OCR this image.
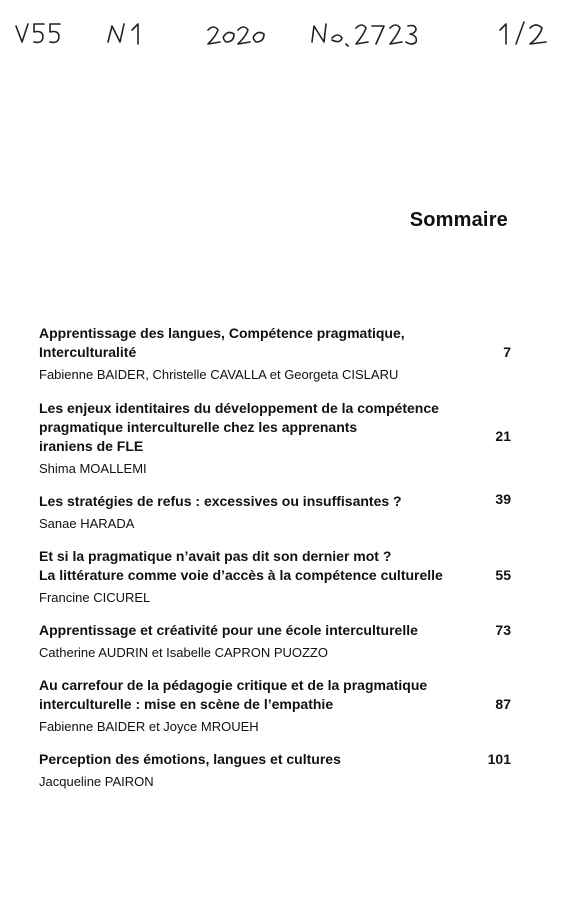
Sommaire
Apprentissage des langues, Compétence pragmatique,
Interculturalité	7
Fabienne BAIDER, Christelle CAVALLA et Georgeta CISLARU
Les enjeux identitaires du développement de la compétence
pragmatique interculturelle chez les apprenants
iraniens de FLE
21
Shima MOALLEMI
Les stratégies de refus : excessives ou insuffisantes ?	39
Sanae HARADA
Et si la pragmatique n’avait pas dit son dernier mot ?
La littérature comme voie d’accès à la compétence culturelle	55
Francine CICUREL
Apprentissage et créativité pour une école interculturelle	73
Catherine AUDRIN et Isabelle CAPRON PUOZZO
Au carrefour de la pédagogie critique et de la pragmatique
interculturelle : mise en scène de l’empathie	87
Fabienne BAIDER et Joyce MROUEH
Perception des émotions, langues et cultures	101
Jacqueline PAIRON
